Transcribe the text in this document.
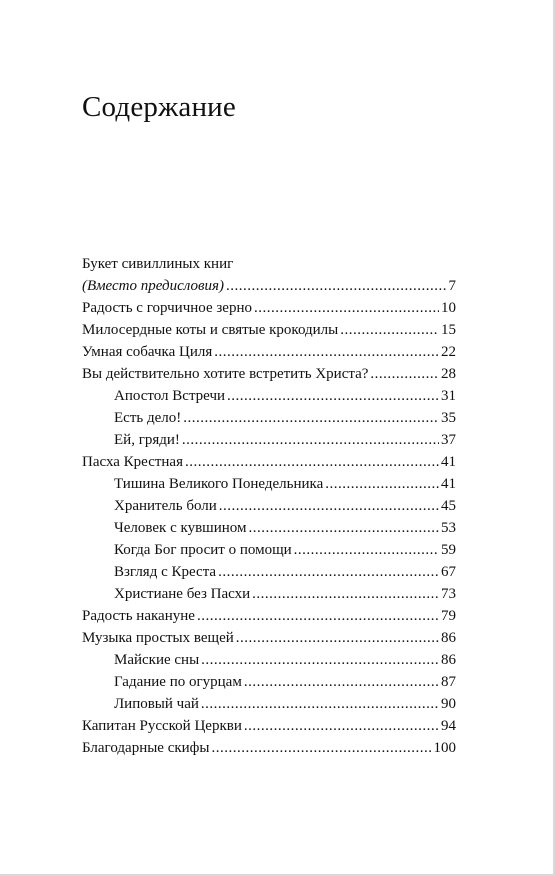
Содержание
Букет сивиллиных книг
(Вместо предисловия) .....	7
Радость с горчичное зерно .....	10
Милосердные коты и святые крокодилы .....	15
Умная собачка Циля .....	22
Вы действительно хотите встретить Христа? .....	28
Апостол Встречи .....	31
Есть дело! .....	35
Ей, гряди! .....	37
Пасха Крестная .....	41
Тишина Великого Понедельника .....	41
Хранитель боли .....	45
Человек с кувшином .....	53
Когда Бог просит о помощи .....	59
Взгляд с Креста .....	67
Христиане без Пасхи .....	73
Радость накануне .....	79
Музыка простых вещей .....	86
Майские сны .....	86
Гадание по огурцам .....	87
Липовый чай .....	90
Капитан Русской Церкви .....	94
Благодарные скифы .....	100
